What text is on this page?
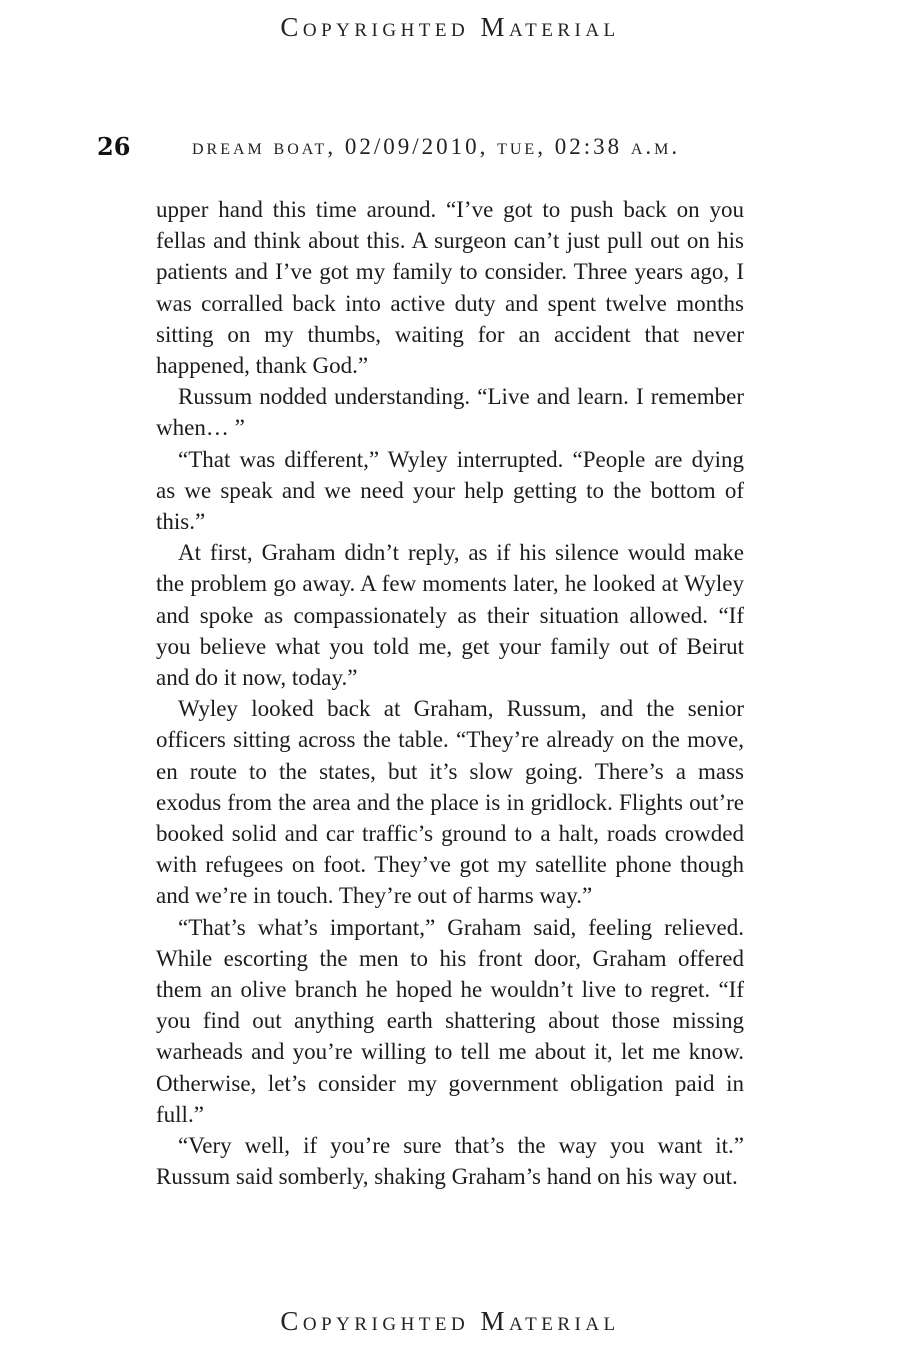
Copyrighted Material
26	dream boat, 02/09/2010, tue, 02:38 a.m.

upper hand this time around. “I’ve got to push back on you fellas and think about this. A surgeon can’t just pull out on his patients and I’ve got my family to consider. Three years ago, I was corralled back into active duty and spent twelve months sitting on my thumbs, waiting for an accident that never happened, thank God.”

Russum nodded understanding. “Live and learn. I remember when… ”

“That was different,” Wyley interrupted. “People are dying as we speak and we need your help getting to the bottom of this.”

At first, Graham didn’t reply, as if his silence would make the problem go away. A few moments later, he looked at Wyley and spoke as compassionately as their situation allowed. “If you believe what you told me, get your family out of Beirut and do it now, today.”

Wyley looked back at Graham, Russum, and the senior officers sitting across the table. “They’re already on the move, en route to the states, but it’s slow going. There’s a mass exodus from the area and the place is in gridlock. Flights out’re booked solid and car traffic’s ground to a halt, roads crowded with refugees on foot. They’ve got my satellite phone though and we’re in touch. They’re out of harms way.”

“That’s what’s important,” Graham said, feeling relieved. While escorting the men to his front door, Graham offered them an olive branch he hoped he wouldn’t live to regret. “If you find out anything earth shattering about those missing warheads and you’re willing to tell me about it, let me know. Otherwise, let’s consider my government obligation paid in full.”

“Very well, if you’re sure that’s the way you want it.” Russum said somberly, shaking Graham’s hand on his way out.

Copyrighted Material
